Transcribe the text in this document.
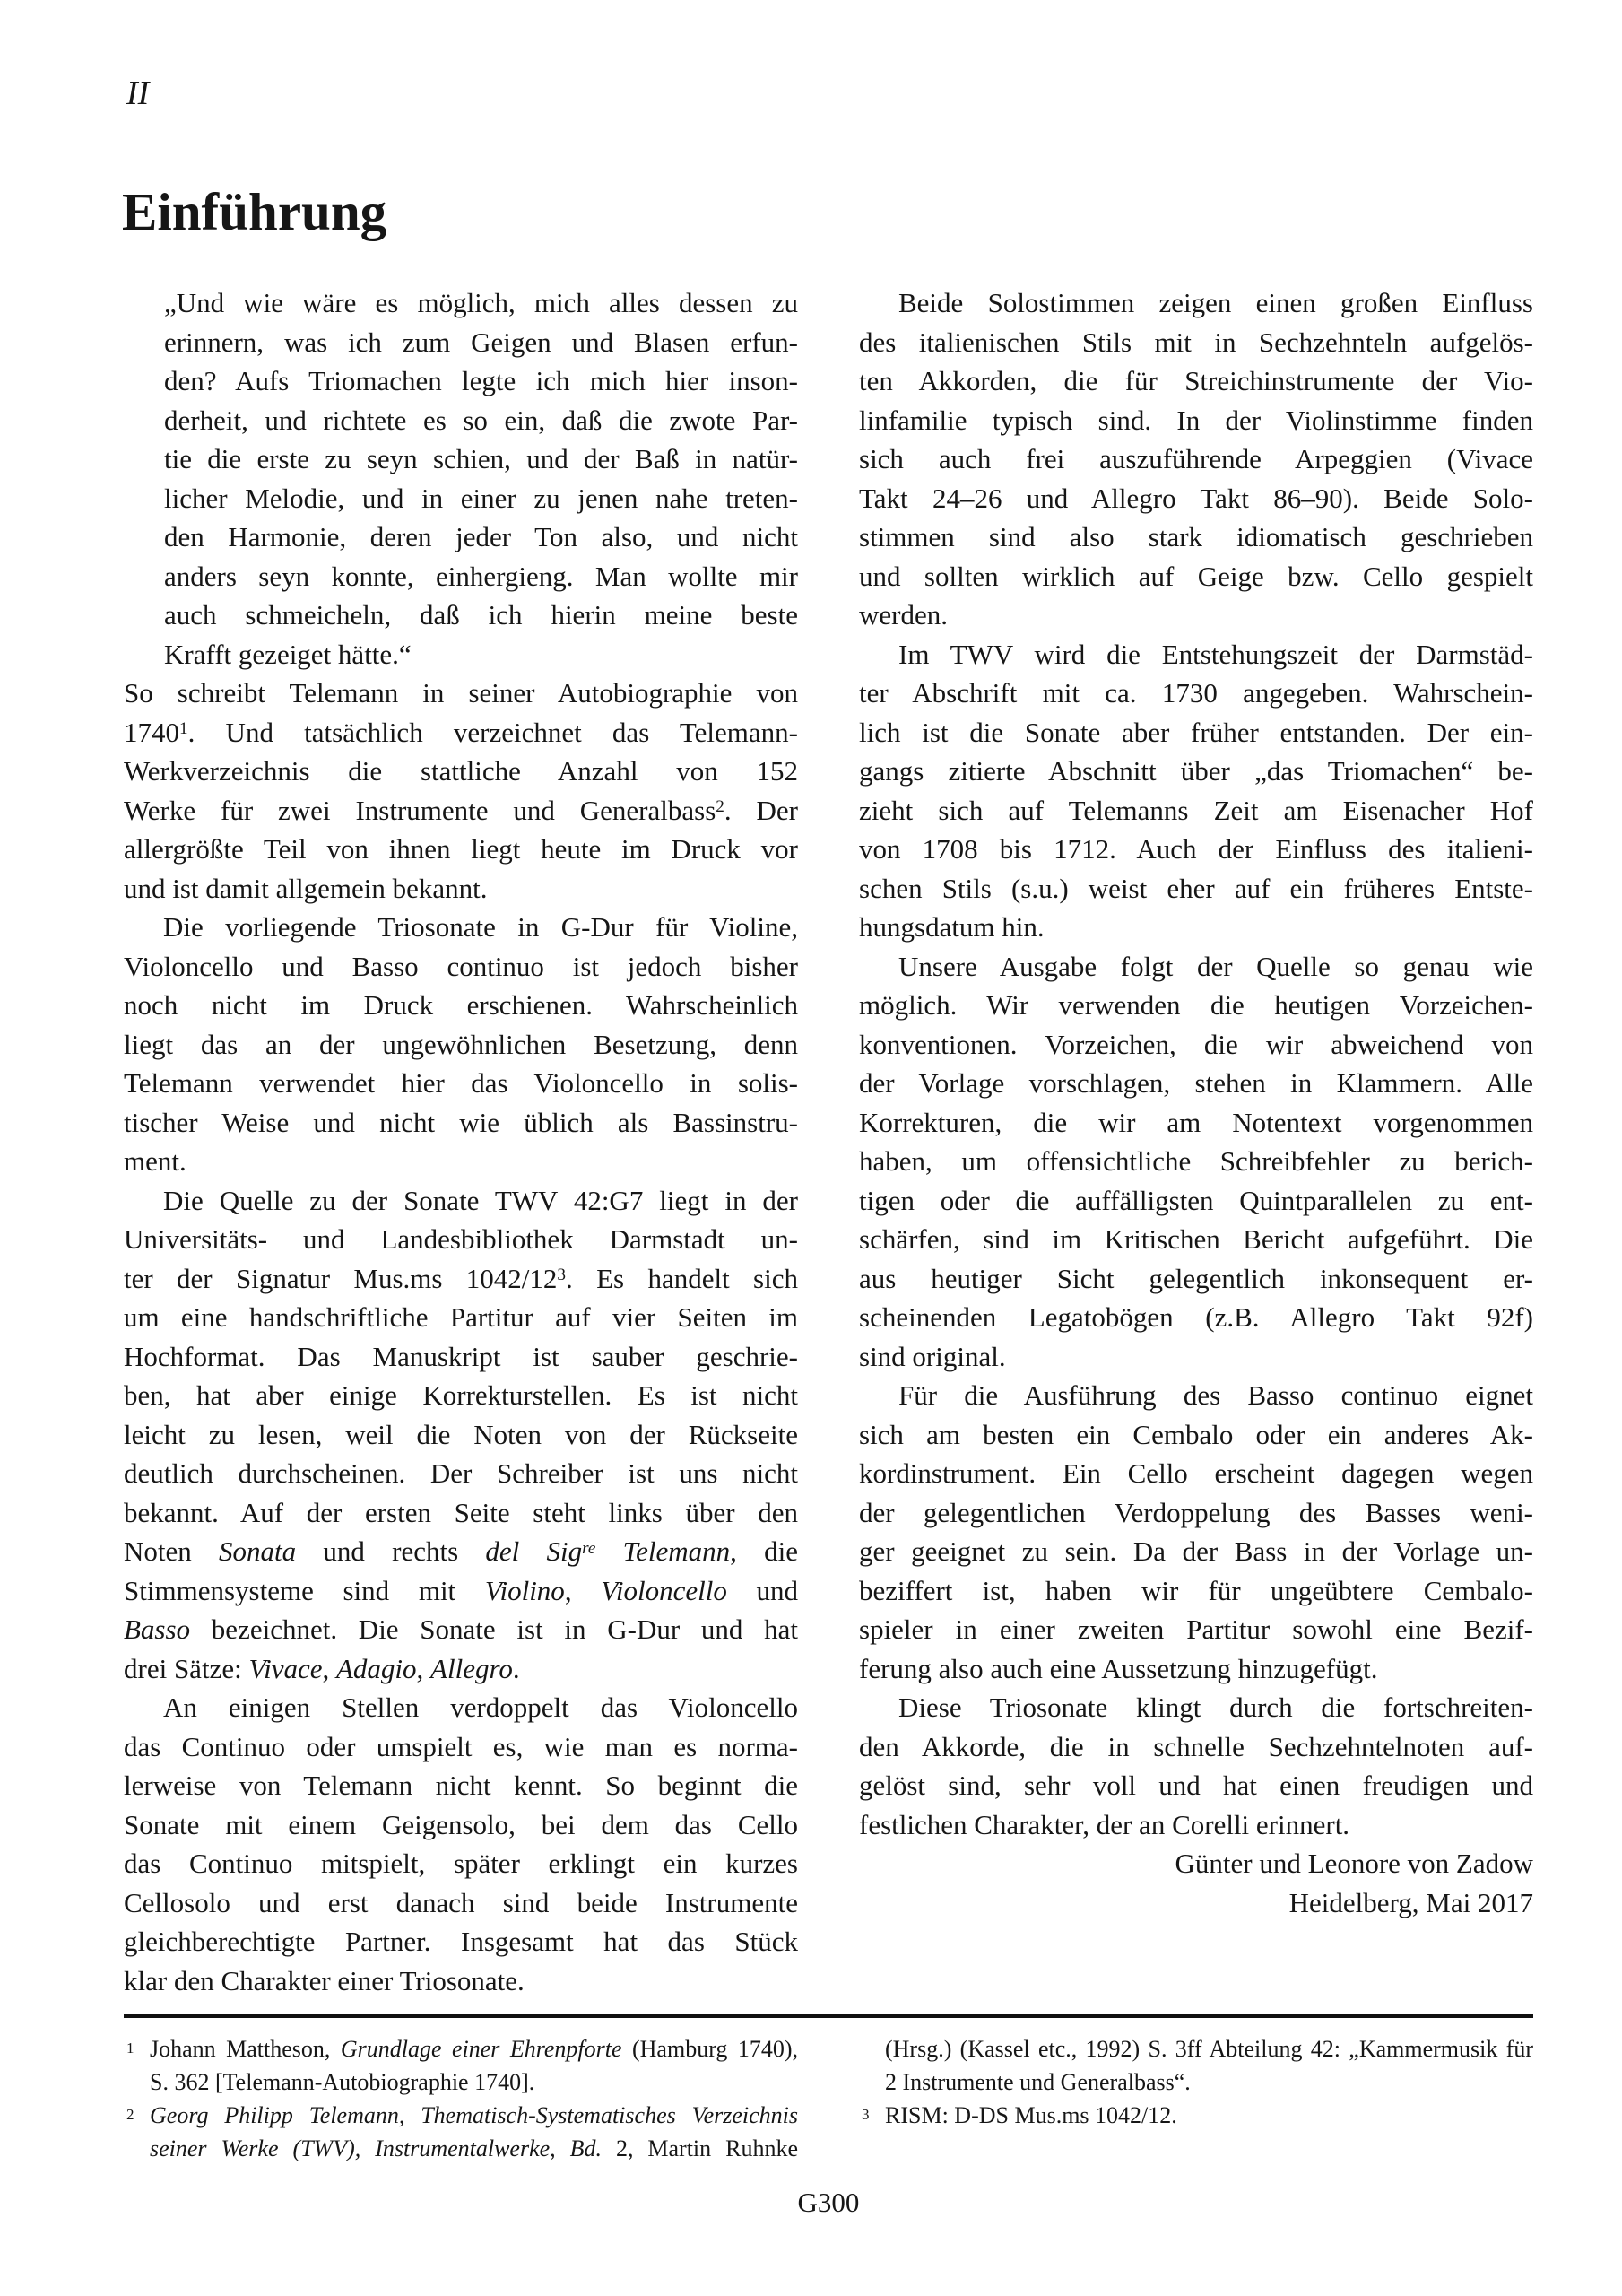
II
Einführung
„Und wie wäre es möglich, mich alles dessen zu
erinnern, was ich zum Geigen und Blasen erfun-
den? Aufs Triomachen legte ich mich hier inson-
derheit, und richtete es so ein, daß die zwote Par-
tie die erste zu seyn schien, und der Baß in natür-
licher Melodie, und in einer zu jenen nahe treten-
den Harmonie, deren jeder Ton also, und nicht
anders seyn konnte, einhergieng. Man wollte mir
auch schmeicheln, daß ich hierin meine beste
Krafft gezeiget hätte.“
So schreibt Telemann in seiner Autobiographie von
1740$^1$. Und tatsächlich verzeichnet das Telemann-
Werkverzeichnis die stattliche Anzahl von 152
Werke für zwei Instrumente und Generalbass$^2$. Der
allergrößte Teil von ihnen liegt heute im Druck vor
und ist damit allgemein bekannt.
Die vorliegende Triosonate in G-Dur für Violine,
Violoncello und Basso continuo ist jedoch bisher
noch nicht im Druck erschienen. Wahrscheinlich
liegt das an der ungewöhnlichen Besetzung, denn
Telemann verwendet hier das Violoncello in solis-
tischer Weise und nicht wie üblich als Bassinstru-
ment.
Die Quelle zu der Sonate TWV 42:G7 liegt in der
Universitäts- und Landesbibliothek Darmstadt un-
ter der Signatur Mus.ms $1042/12^3$. Es handelt sich
um eine handschriftliche Partitur auf vier Seiten im
Hochformat. Das Manuskript ist sauber geschrie-
ben, hat aber einige Korrekturstellen. Es ist nicht
leicht zu lesen, weil die Noten von der Rückseite
deutlich durchscheinen. Der Schreiber ist uns nicht
bekannt. Auf der ersten Seite steht links über den
Noten Sonata und rechts del Sig$^{re}$ Telemann, die
Stimmensysteme sind mit Violino, Violoncello und
Basso bezeichnet. Die Sonate ist in G-Dur und hat
drei Sätze: Vivace, Adagio, Allegro.
An einigen Stellen verdoppelt das Violoncello
das Continuo oder umspielt es, wie man es norma-
lerweise von Telemann nicht kennt. So beginnt die
Sonate mit einem Geigensolo, bei dem das Cello
das Continuo mitspielt, später erklingt ein kurzes
Cellosolo und erst danach sind beide Instrumente
gleichberechtigte Partner. Insgesamt hat das Stück
klar den Charakter einer Triosonate.
Beide Solostimmen zeigen einen großen Einfluss
des italienischen Stils mit in Sechzehnteln aufgelös-
ten Akkorden, die für Streichinstrumente der Vio-
linfamilie typisch sind. In der Violinstimme finden
sich auch frei auszuführende Arpeggien (Vivace
Takt 24–26 und Allegro Takt 86–90). Beide Solo-
stimmen sind also stark idiomatisch geschrieben
und sollten wirklich auf Geige bzw. Cello gespielt
werden.
Im TWV wird die Entstehungszeit der Darmstäd-
ter Abschrift mit ca. 1730 angegeben. Wahrschein-
lich ist die Sonate aber früher entstanden. Der ein-
gangs zitierte Abschnitt über „das Triomachen“ be-
zieht sich auf Telemanns Zeit am Eisenacher Hof
von 1708 bis 1712. Auch der Einfluss des italieni-
schen Stils (s.u.) weist eher auf ein früheres Entste-
hungsdatum hin.
Unsere Ausgabe folgt der Quelle so genau wie
möglich. Wir verwenden die heutigen Vorzeichen-
konventionen. Vorzeichen, die wir abweichend von
der Vorlage vorschlagen, stehen in Klammern. Alle
Korrekturen, die wir am Notentext vorgenommen
haben, um offensichtliche Schreibfehler zu berich-
tigen oder die auffälligsten Quintparallelen zu ent-
schärfen, sind im Kritischen Bericht aufgeführt. Die
aus heutiger Sicht gelegentlich inkonsequent er-
scheinenden Legatobögen (z.B. Allegro Takt 92f)
sind original.
Für die Ausführung des Basso continuo eignet
sich am besten ein Cembalo oder ein anderes Ak-
kordinstrument. Ein Cello erscheint dagegen wegen
der gelegentlichen Verdoppelung des Basses weni-
ger geeignet zu sein. Da der Bass in der Vorlage un-
beziffert ist, haben wir für ungeübtere Cembalo-
spieler in einer zweiten Partitur sowohl eine Bezif-
ferung also auch eine Aussetzung hinzugefügt.
Diese Triosonate klingt durch die fortschreiten-
den Akkorde, die in schnelle Sechzehntelnoten auf-
gelöst sind, sehr voll und hat einen freudigen und
festlichen Charakter, der an Corelli erinnert.
Günter und Leonore von Zadow
Heidelberg, Mai 2017
1 Johann Mattheson, Grundlage einer Ehrenpforte (Hamburg 1740),
S. 362 [Telemann-Autobiographie 1740].
2 Georg Philipp Telemann, Thematisch-Systematisches Verzeichnis
seiner Werke (TWV), Instrumentalwerke, Bd. 2, Martin Ruhnke
(Hrsg.) (Kassel etc., 1992) S. 3ff Abteilung 42: „Kammermusik für
2 Instrumente und Generalbass“.
3 RISM: D-DS Mus.ms 1042/12.
G300
